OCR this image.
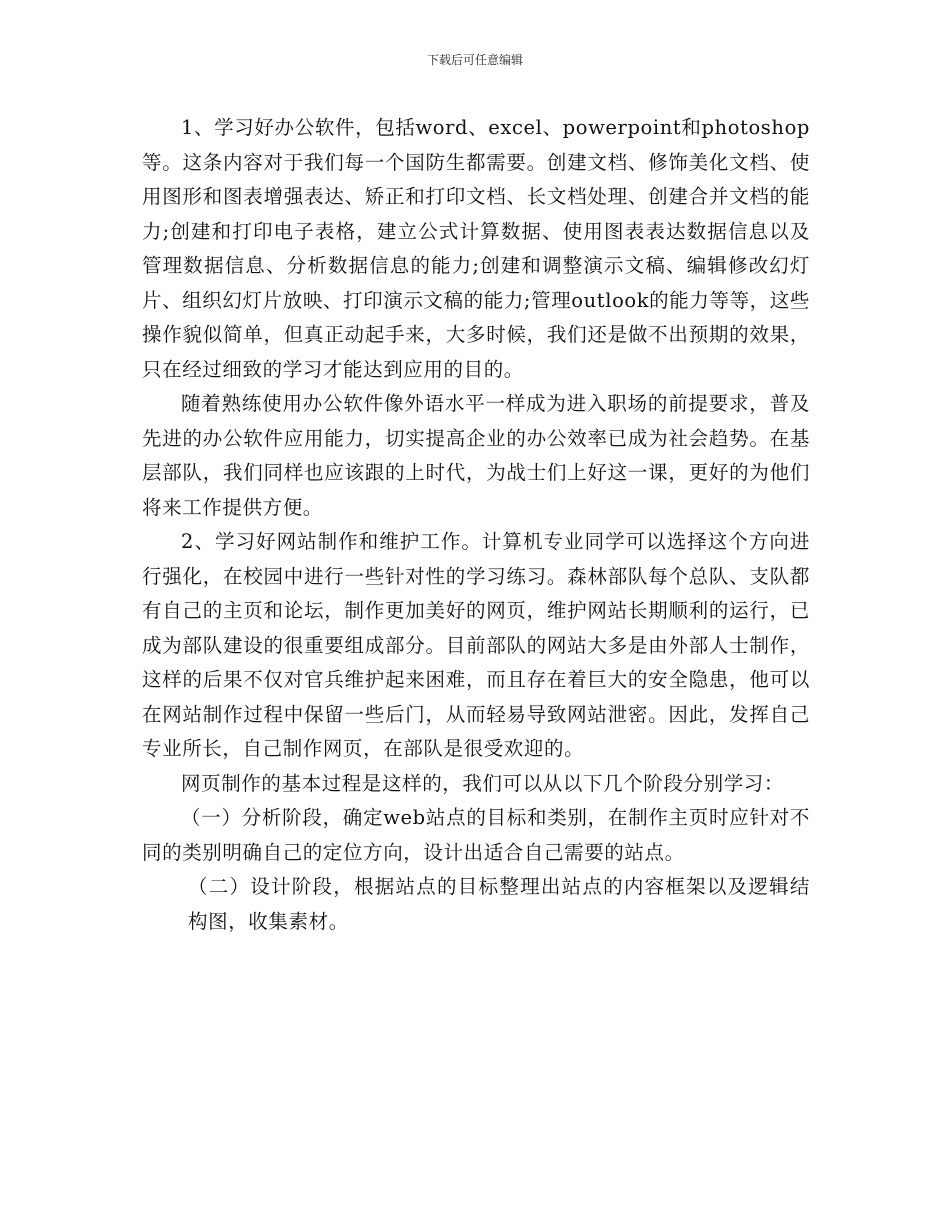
下载后可任意编辑

1、学习好办公软件，包括word、excel、powerpoint和photoshop等。这条内容对于我们每一个国防生都需要。创建文档、修饰美化文档、使用图形和图表增强表达、矫正和打印文档、长文档处理、创建合并文档的能力;创建和打印电子表格，建立公式计算数据、使用图表表达数据信息以及管理数据信息、分析数据信息的能力;创建和调整演示文稿、编辑修改幻灯片、组织幻灯片放映、打印演示文稿的能力;管理outlook的能力等等，这些操作貌似简单，但真正动起手来，大多时候，我们还是做不出预期的效果，只在经过细致的学习才能达到应用的目的。

随着熟练使用办公软件像外语水平一样成为进入职场的前提要求，普及先进的办公软件应用能力，切实提高企业的办公效率已成为社会趋势。在基层部队，我们同样也应该跟的上时代，为战士们上好这一课，更好的为他们将来工作提供方便。

2、学习好网站制作和维护工作。计算机专业同学可以选择这个方向进行强化，在校园中进行一些针对性的学习练习。森林部队每个总队、支队都有自己的主页和论坛，制作更加美好的网页，维护网站长期顺利的运行，已成为部队建设的很重要组成部分。目前部队的网站大多是由外部人士制作，这样的后果不仅对官兵维护起来困难，而且存在着巨大的安全隐患，他可以在网站制作过程中保留一些后门，从而轻易导致网站泄密。因此，发挥自己专业所长，自己制作网页，在部队是很受欢迎的。

网页制作的基本过程是这样的，我们可以从以下几个阶段分别学习：

（一）分析阶段，确定web站点的目标和类别，在制作主页时应针对不同的类别明确自己的定位方向，设计出适合自己需要的站点。

（二）设计阶段，根据站点的目标整理出站点的内容框架以及逻辑结构图，收集素材。
